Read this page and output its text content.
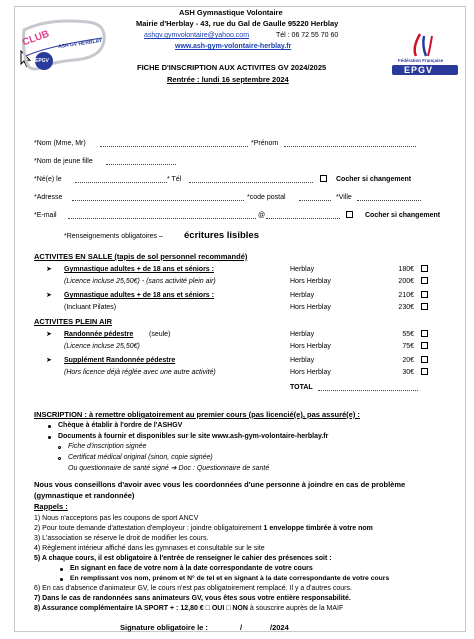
CLUB ASH GV HERBLAY
EPGV
ASH Gymnastique Volontaire
Mairie d'Herblay - 43, rue du Gal de Gaulle 95220 Herblay
ashgv.gymvolontaire@yahoo.com	Tél : 06 72 55 70 60
www.ash-gym-volontaire-herblay.fr
Fédération Française
EPGV
FICHE D'INSCRIPTION AUX ACTIVITES GV 2024/2025
Rentrée : lundi 16 septembre 2024
*Nom (Mme, Mr)	*Prénom
*Nom de jeune fille
*Né(e) le	* Tél	Cocher si changement
*Adresse	*code postal	*Ville
*E-mail	@	Cocher si changement
*Renseignements obligatoires – écritures lisibles
ACTIVITES EN SALLE (tapis de sol personnel recommandé)
➤ Gymnastique adultes + de 18 ans et séniors :	Herblay	180€
(Licence incluse 25,50€) - (sans activité plein air)	Hors Herblay	200€
➤ Gymnastique adultes + de 18 ans et séniors :	Herblay	210€
(Incluant Pilates)	Hors Herblay	230€
ACTIVITES PLEIN AIR
➤ Randonnée pédestre (seule)	Herblay	55€
(Licence incluse 25,50€)	Hors Herblay	75€
➤ Supplément Randonnée pédestre	Herblay	20€
(Hors licence déjà réglée avec une autre activité)	Hors Herblay	30€
TOTAL
INSCRIPTION : à remettre obligatoirement au premier cours (pas licencié(e), pas assuré(e) :
Chèque à établir à l'ordre de l'ASHGV
Documents à fournir et disponibles sur le site www.ash-gym-volontaire-herblay.fr
Fiche d'inscription signée
Certificat médical original (sinon, copie signée)
Ou questionnaire de santé signé ➔ Doc : Questionnaire de santé
Nous vous conseillons d'avoir avec vous les coordonnées d'une personne à joindre en cas de problème
(gymnastique et randonnée)
Rappels :
1) Nous n'acceptons pas les coupons de sport ANCV
2) Pour toute demande d'attestation d'employeur : joindre obligatoirement 1 enveloppe timbrée à votre nom
3) L'association se réserve le droit de modifier les cours.
4) Règlement intérieur affiché dans les gymnases et consultable sur le site
5) A chaque cours, il est obligatoire à l'entrée de renseigner le cahier des présences soit :
En signant en face de votre nom à la date correspondante de votre cours
En remplissant vos nom, prénom et N° de tel et en signant à la date correspondante de votre cours
6) En cas d'absence d'animateur GV, le cours n'est pas obligatoirement remplacé. Il y a d'autres cours.
7) Dans le cas de randonnées sans animateurs GV, vous êtes sous votre entière responsabilité.
8) Assurance complémentaire IA SPORT + : 12,80 € □ OUI □ NON à souscrire auprès de la MAIF
Signature obligatoire le :	/	/2024
